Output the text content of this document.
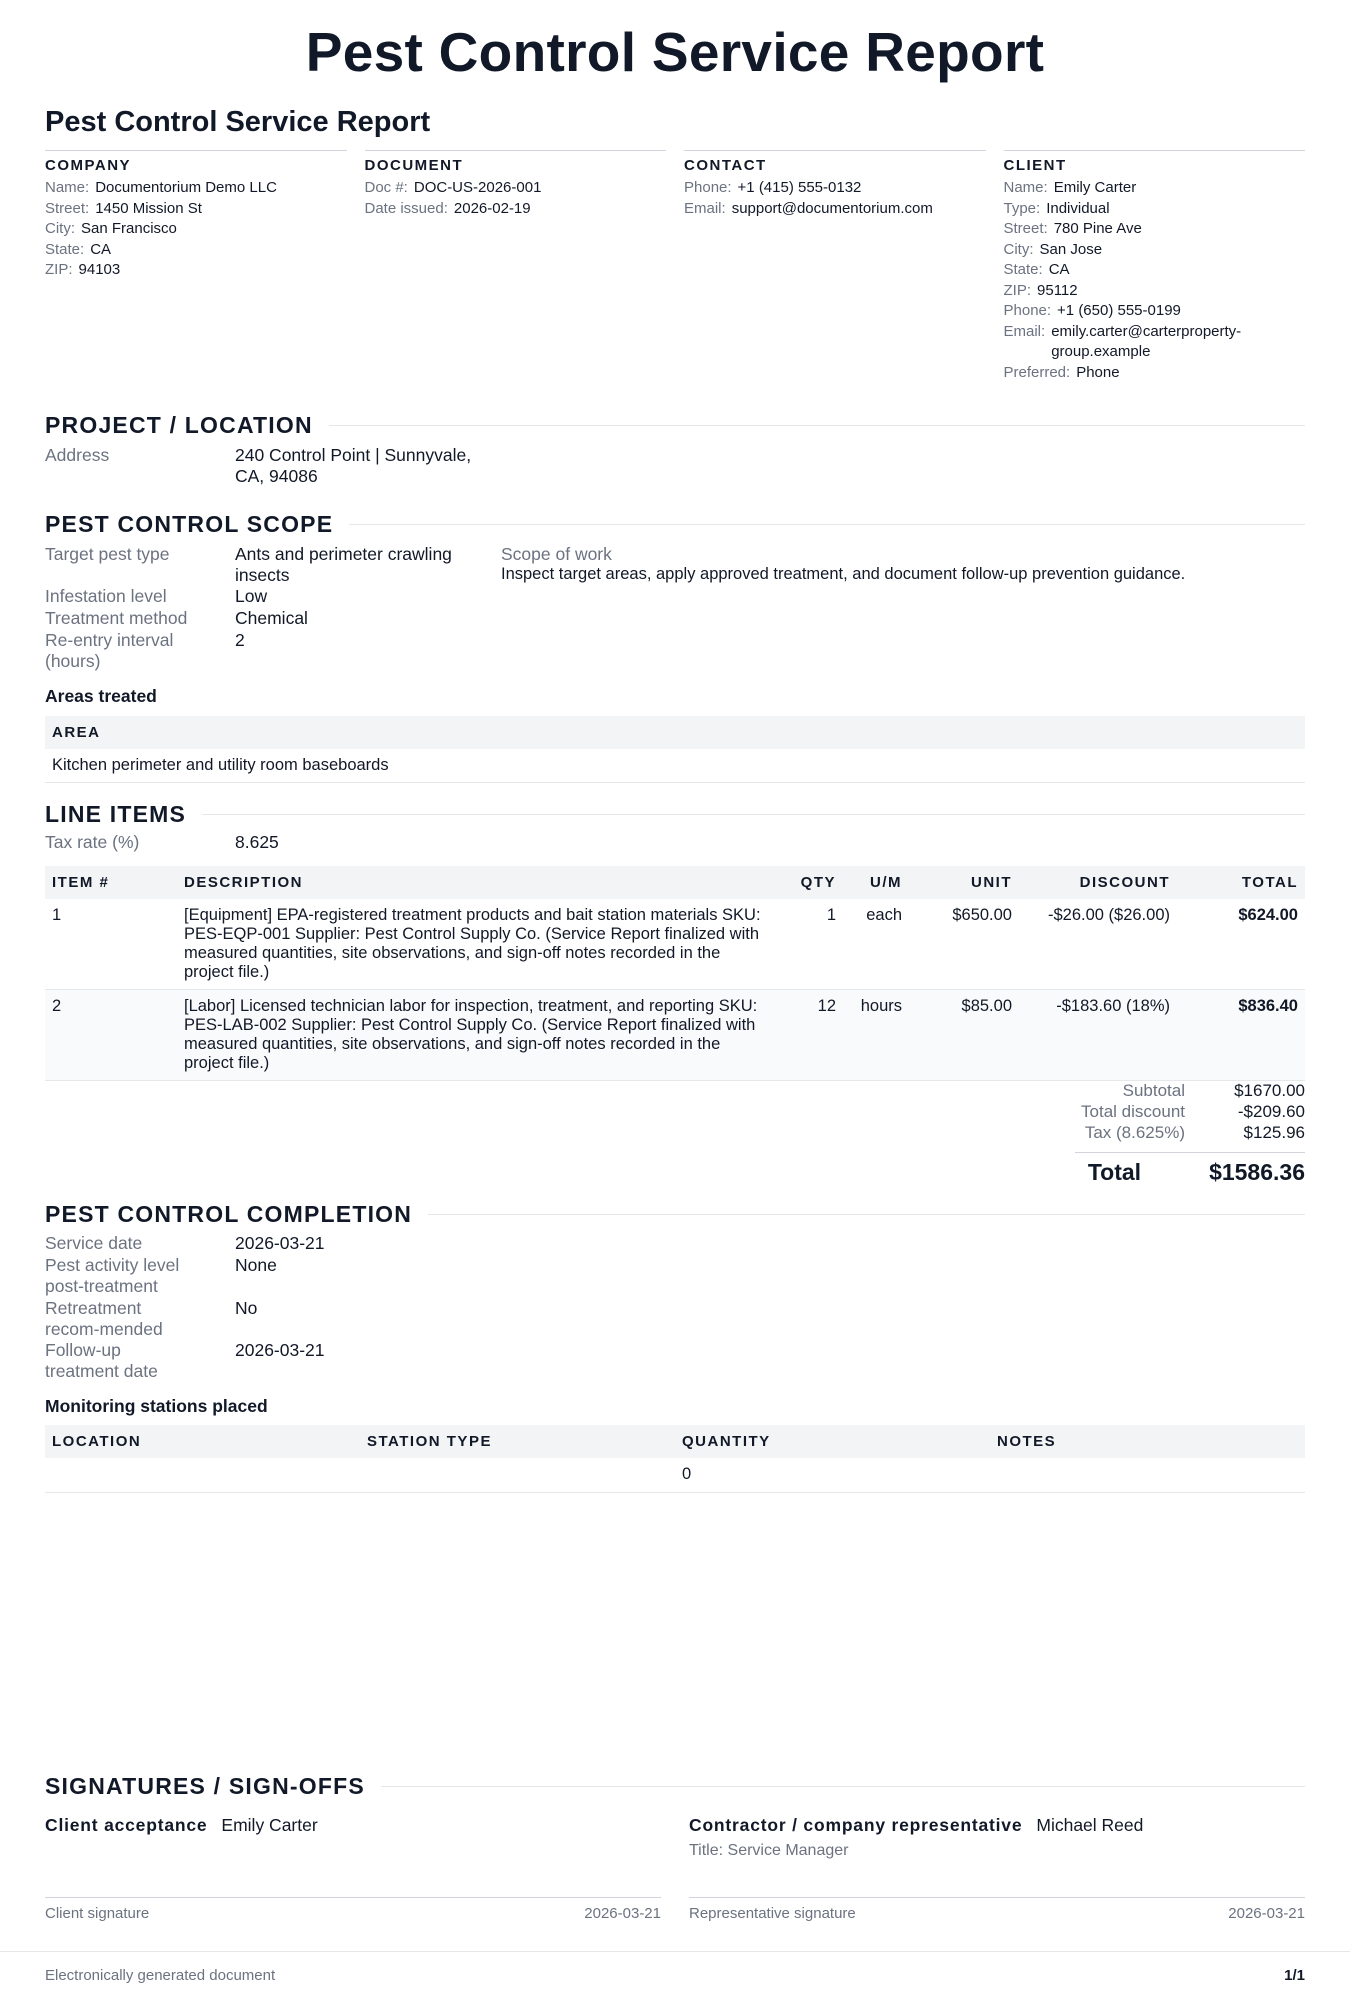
Pest Control Service Report
Pest Control Service Report
COMPANY
Name: Documentorium Demo LLC
Street: 1450 Mission St
City: San Francisco
State: CA
ZIP: 94103
DOCUMENT
Doc #: DOC-US-2026-001
Date issued: 2026-02-19
CONTACT
Phone: +1 (415) 555-0132
Email: support@documentorium.com
CLIENT
Name: Emily Carter
Type: Individual
Street: 780 Pine Ave
City: San Jose
State: CA
ZIP: 95112
Phone: +1 (650) 555-0199
Email: emily.carter@carterproperty-group.example
Preferred: Phone
PROJECT / LOCATION
Address	240 Control Point | Sunnyvale, CA, 94086
PEST CONTROL SCOPE
Target pest type	Ants and perimeter crawling insects
Infestation level	Low
Treatment method	Chemical
Re-entry interval (hours)
2
Scope of work
Inspect target areas, apply approved treatment, and document follow-up prevention guidance.
Areas treated
AREA
Kitchen perimeter and utility room baseboards
LINE ITEMS
Tax rate (%)	8.625
ITEM #	DESCRIPTION	QTY	U/M	UNIT	DISCOUNT	TOTAL
1	[Equipment] EPA-registered treatment products and bait station materials SKU: PES-EQP-001 Supplier: Pest Control Supply Co. (Service Report finalized with measured quantities, site observations, and sign-off notes recorded in the project file.)	1	each	$650.00	-$26.00 ($26.00)	$624.00
2	[Labor] Licensed technician labor for inspection, treatment, and reporting SKU: PES-LAB-002 Supplier: Pest Control Supply Co. (Service Report finalized with measured quantities, site observations, and sign-off notes recorded in the project file.)	12	hours	$85.00	-$183.60 (18%)	$836.40
Subtotal	$1670.00
Total discount	-$209.60
Tax (8.625%)	$125.96
Total	$1586.36
PEST CONTROL COMPLETION
Service date	2026-03-21
Pest activity level post-treatment
None
Retreatment recom-mended
No
Follow-up treatment date
2026-03-21
Monitoring stations placed
LOCATION	STATION TYPE	QUANTITY	NOTES
		0	
SIGNATURES / SIGN-OFFS
Client acceptance Emily Carter	Contractor / company representative Michael Reed
Title: Service Manager
Client signature	2026-03-21 Representative signature	2026-03-21
Electronically generated document	1/1
